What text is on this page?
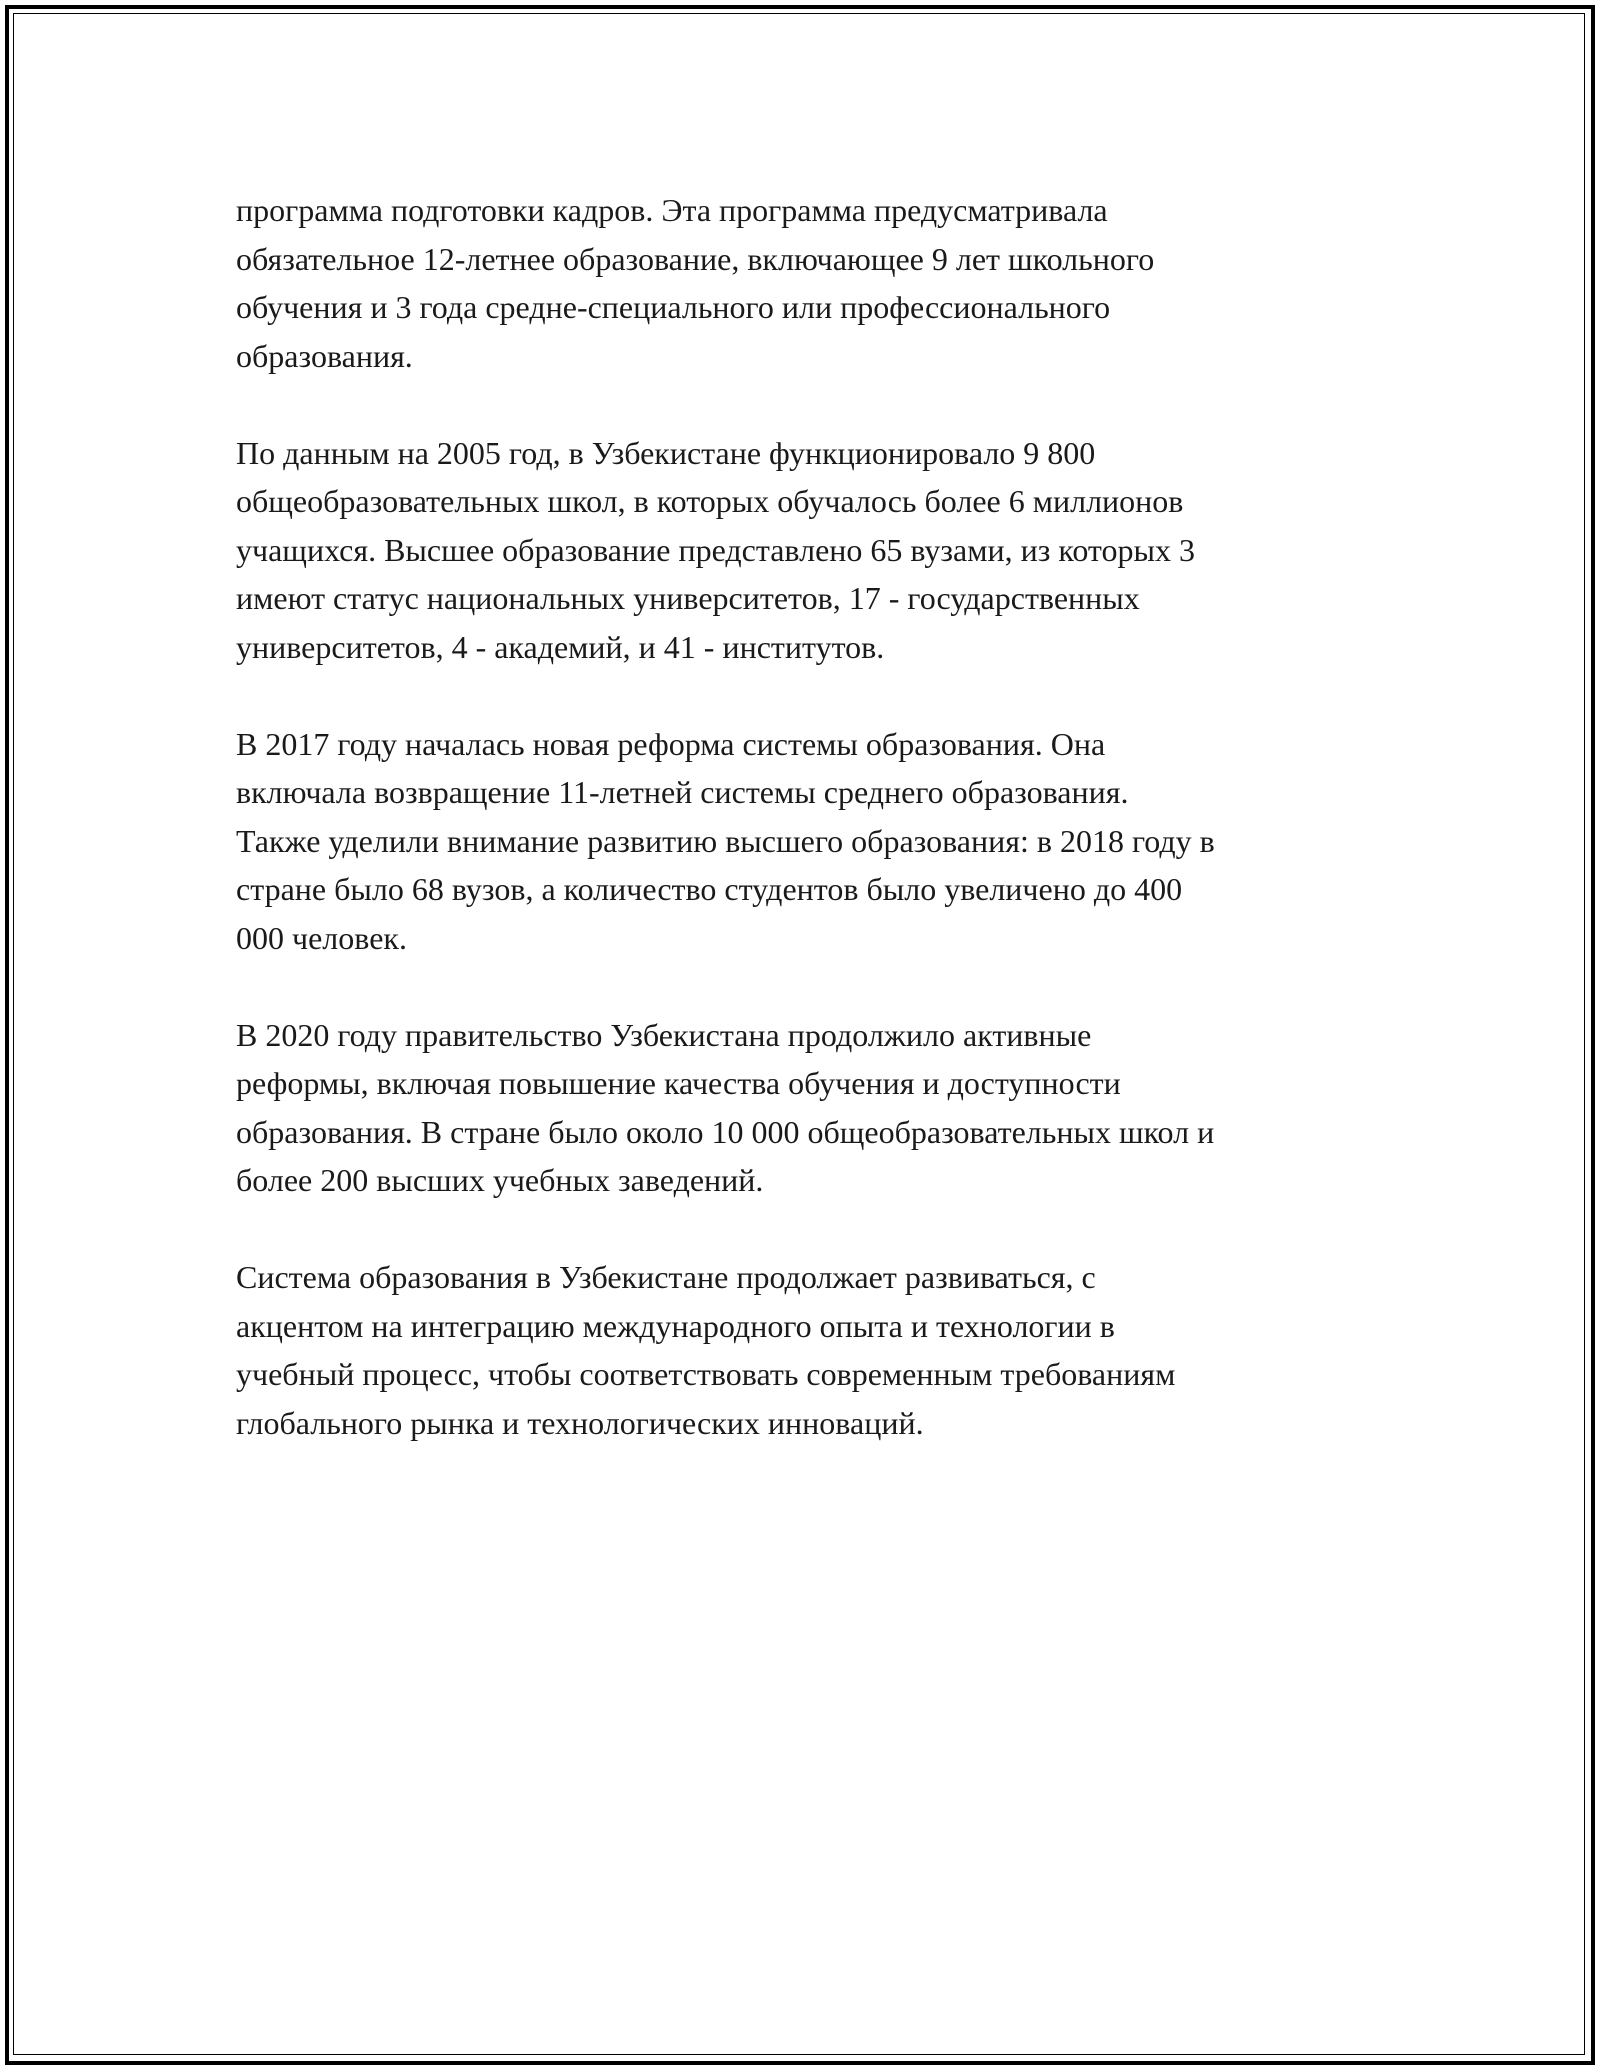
программа подготовки кадров. Эта программа предусматривала
обязательное 12-летнее образование, включающее 9 лет школьного
обучения и 3 года средне-специального или профессионального
образования.

По данным на 2005 год, в Узбекистане функционировало 9 800
общеобразовательных школ, в которых обучалось более 6 миллионов
учащихся. Высшее образование представлено 65 вузами, из которых 3
имеют статус национальных университетов, 17 - государственных
университетов, 4 - академий, и 41 - институтов.

В 2017 году началась новая реформа системы образования. Она
включала возвращение 11-летней системы среднего образования.
Также уделили внимание развитию высшего образования: в 2018 году в
стране было 68 вузов, а количество студентов было увеличено до 400
000 человек.

В 2020 году правительство Узбекистана продолжило активные
реформы, включая повышение качества обучения и доступности
образования. В стране было около 10 000 общеобразовательных школ и
более 200 высших учебных заведений.

Система образования в Узбекистане продолжает развиваться, с
акцентом на интеграцию международного опыта и технологии в
учебный процесс, чтобы соответствовать современным требованиям
глобального рынка и технологических инноваций.
